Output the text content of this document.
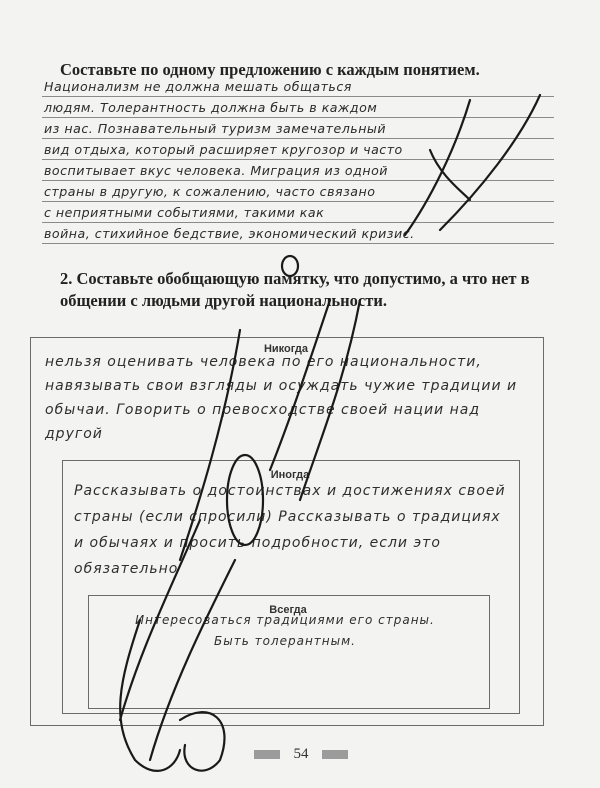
Составьте по одному предложению с каждым понятием.
Национализм не должна мешать общаться
людям. Толерантность должна быть в каждом
из нас. Познавательный туризм замечательный
вид отдыха, который расширяет кругозор и часто
воспитывает вкус человека. Миграция из одной
страны в другую, к сожалению, часто связано
с неприятными событиями, такими как
война, стихийное бедствие, экономический кризис.
2. Составьте обобщающую памятку, что допустимо, а что нет в общении с людьми другой национальности.
Никогда
Иногда
Всегда
нельзя оценивать человека по его национальности, навязывать свои взгляды и осуждать чужие традиции и обычаи. Говорить о превосходстве своей нации над другой
Рассказывать о достоинствах и достижениях своей страны (если спросили) Рассказывать о традициях и обычаях и просить подробности, если это обязательно
Интересоваться традициями его страны. Быть толерантным.
54
